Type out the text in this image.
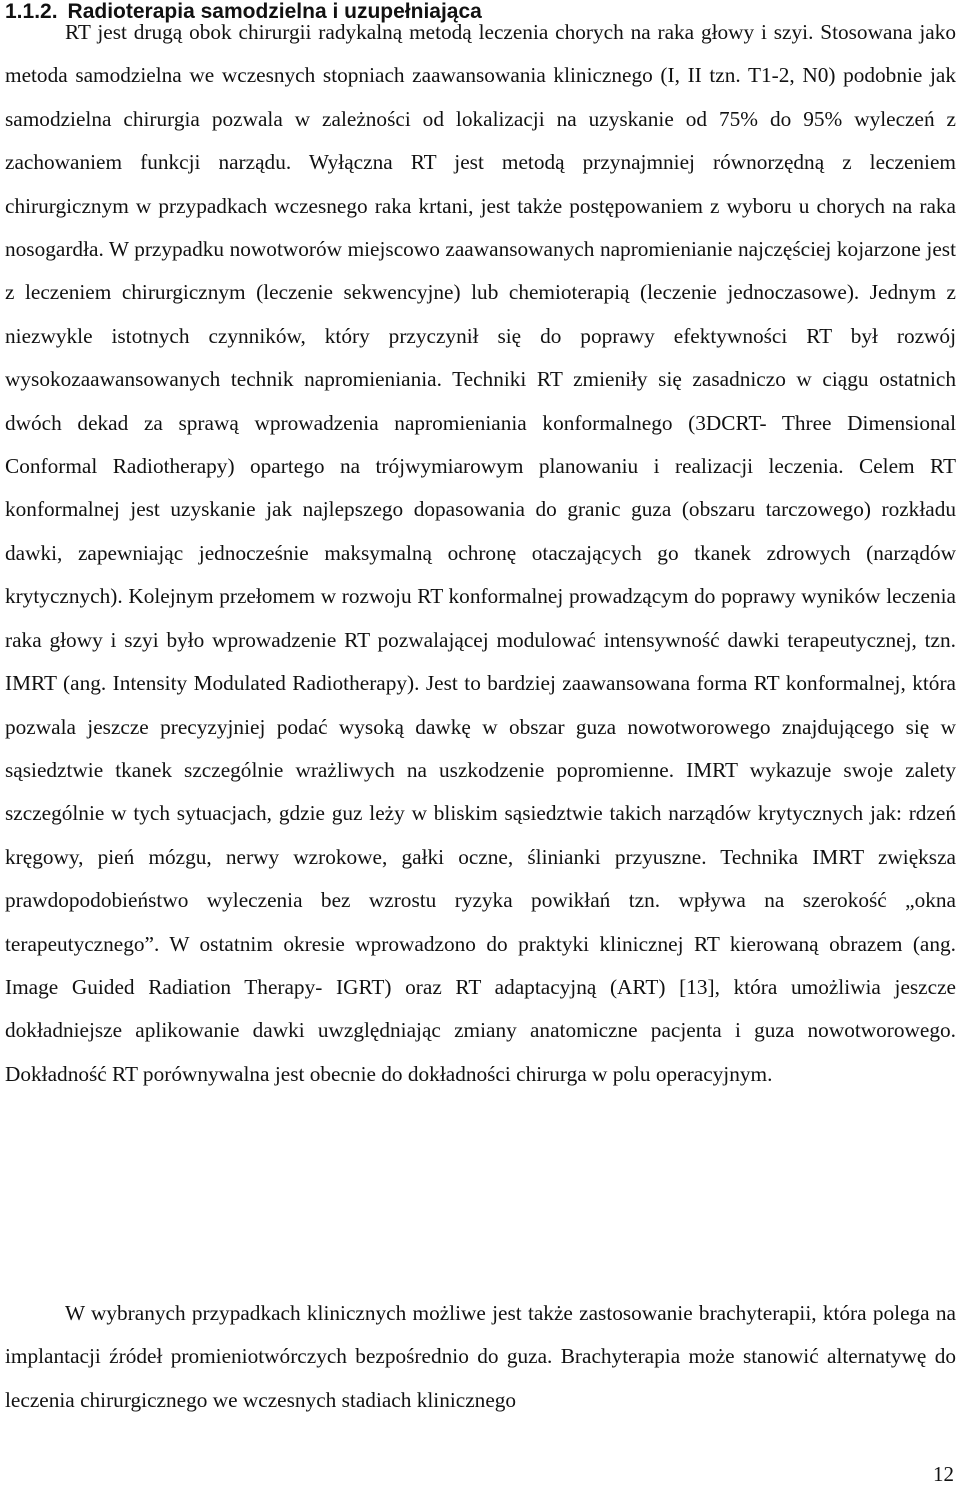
1.1.2. Radioterapia samodzielna i uzupełniająca

RT jest drugą obok chirurgii radykalną metodą leczenia chorych na raka głowy i szyi. Stosowana jako metoda samodzielna we wczesnych stopniach zaawansowania klinicznego (I, II tzn. T1-2, N0) podobnie jak samodzielna chirurgia pozwala w zależności od lokalizacji na uzyskanie od 75% do 95% wyleczeń z zachowaniem funkcji narządu. Wyłączna RT jest metodą przynajmniej równorzędną z leczeniem chirurgicznym w przypadkach wczesnego raka krtani, jest także postępowaniem z wyboru u chorych na raka nosogardła. W przypadku nowotworów miejscowo zaawansowanych napromienianie najczęściej kojarzone jest z leczeniem chirurgicznym (leczenie sekwencyjne) lub chemioterapią (leczenie jednoczasowe). Jednym z niezwykle istotnych czynników, który przyczynił się do poprawy efektywności RT był rozwój wysokozaawansowanych technik napromieniania. Techniki RT zmieniły się zasadniczo w ciągu ostatnich dwóch dekad za sprawą wprowadzenia napromieniania konformalnego (3DCRT- Three Dimensional Conformal Radiotherapy) opartego na trójwymiarowym planowaniu i realizacji leczenia. Celem RT konformalnej jest uzyskanie jak najlepszego dopasowania do granic guza (obszaru tarczowego) rozkładu dawki, zapewniając jednocześnie maksymalną ochronę otaczających go tkanek zdrowych (narządów krytycznych). Kolejnym przełomem w rozwoju RT konformalnej prowadzącym do poprawy wyników leczenia raka głowy i szyi było wprowadzenie RT pozwalającej modulować intensywność dawki terapeutycznej, tzn. IMRT (ang. Intensity Modulated Radiotherapy). Jest to bardziej zaawansowana forma RT konformalnej, która pozwala jeszcze precyzyjniej podać wysoką dawkę w obszar guza nowotworowego znajdującego się w sąsiedztwie tkanek szczególnie wrażliwych na uszkodzenie popromienne. IMRT wykazuje swoje zalety szczególnie w tych sytuacjach, gdzie guz leży w bliskim sąsiedztwie takich narządów krytycznych jak: rdzeń kręgowy, pień mózgu, nerwy wzrokowe, gałki oczne, ślinianki przyuszne. Technika IMRT zwiększa prawdopodobieństwo wyleczenia bez wzrostu ryzyka powikłań tzn. wpływa na szerokość „okna terapeutycznego”. W ostatnim okresie wprowadzono do praktyki klinicznej RT kierowaną obrazem (ang. Image Guided Radiation Therapy- IGRT) oraz RT adaptacyjną (ART) [13], która umożliwia jeszcze dokładniejsze aplikowanie dawki uwzględniając zmiany anatomiczne pacjenta i guza nowotworowego. Dokładność RT porównywalna jest obecnie do dokładności chirurga w polu operacyjnym.

W wybranych przypadkach klinicznych możliwe jest także zastosowanie brachyterapii, która polega na implantacji źródeł promieniotwórczych bezpośrednio do guza. Brachyterapia może stanowić alternatywę do leczenia chirurgicznego we wczesnych stadiach klinicznego

12
